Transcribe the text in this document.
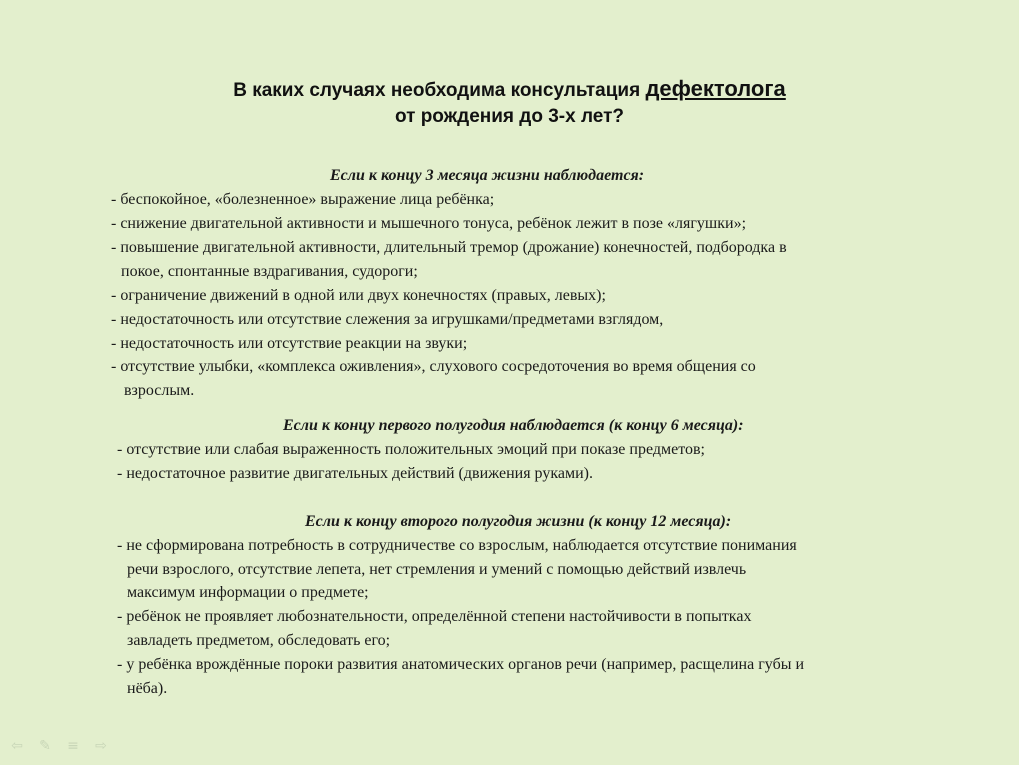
В каких случаях необходима консультация дефектолога
от рождения до 3-х лет?
Если к концу 3 месяца жизни наблюдается:
- беспокойное, «болезненное» выражение лица ребёнка;
- снижение двигательной активности и мышечного тонуса, ребёнок лежит в позе «лягушки»;
- повышение двигательной активности, длительный тремор (дрожание) конечностей, подбородка в
покое, спонтанные вздрагивания, судороги;
- ограничение движений в одной или двух конечностях (правых, левых);
- недостаточность или отсутствие слежения за игрушками/предметами взглядом,
- недостаточность или отсутствие реакции на звуки;
- отсутствие улыбки, «комплекса оживления», слухового сосредоточения во время общения со
взрослым.
Если к концу первого полугодия наблюдается (к концу 6 месяца):
- отсутствие или слабая выраженность положительных эмоций при показе предметов;
- недостаточное развитие двигательных действий (движения руками).
Если к концу второго полугодия жизни (к концу 12 месяца):
- не сформирована потребность в сотрудничестве со взрослым, наблюдается отсутствие понимания
речи взрослого, отсутствие лепета, нет стремления и умений с помощью действий извлечь
максимум информации о предмете;
- ребёнок не проявляет любознательности, определённой степени настойчивости в попытках
завладеть предметом, обследовать его;
- у ребёнка врождённые пороки развития анатомических органов речи (например, расщелина губы и
нёба).
⇦ ✎ ≡ ⇨
